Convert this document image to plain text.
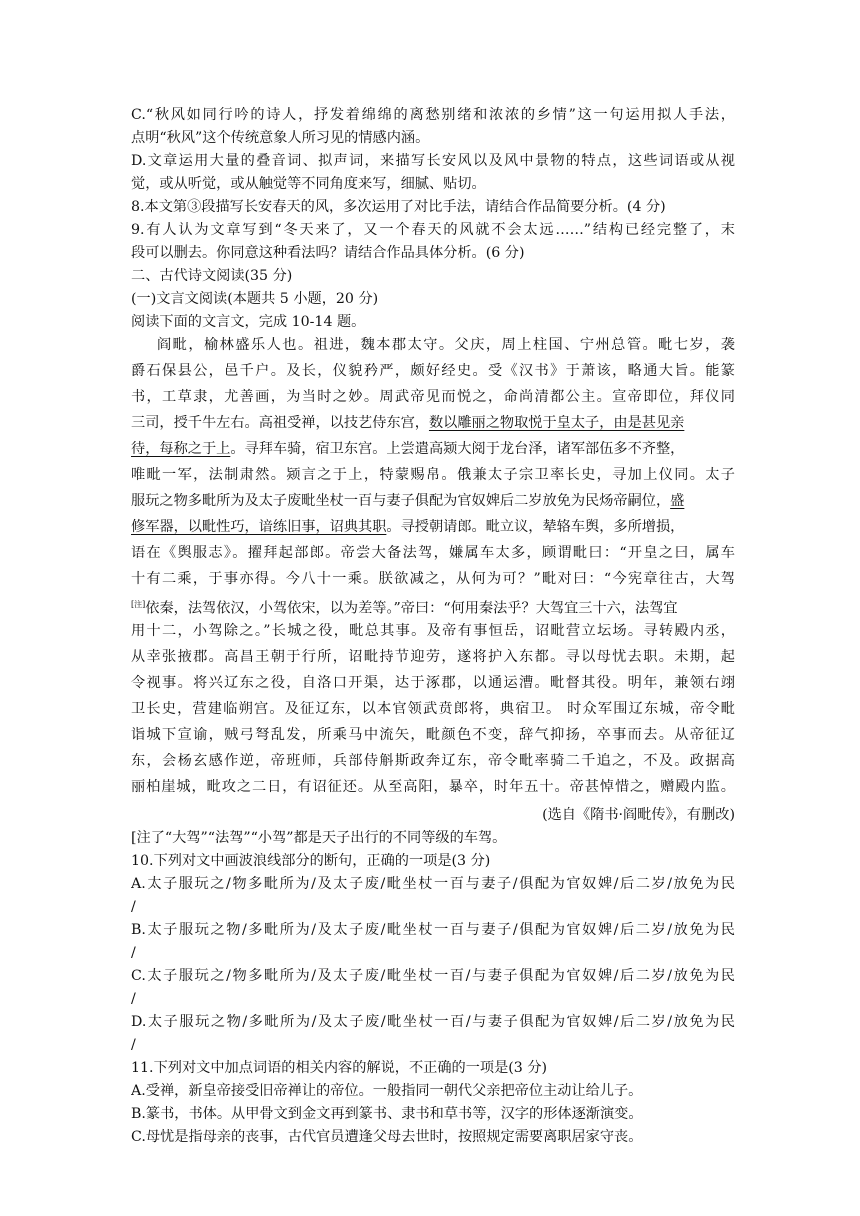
C.“秋风如同行吟的诗人，抒发着绵绵的离愁别绪和浓浓的乡情”这一句运用拟人手法，
点明“秋风”这个传统意象人所习见的情感内涵。
D.文章运用大量的叠音词、拟声词，来描写长安风以及风中景物的特点，这些词语或从视
觉，或从听觉，或从触觉等不同角度来写，细腻、贴切。
8.本文第③段描写长安春天的风，多次运用了对比手法，请结合作品简要分析。(4 分)
9.有人认为文章写到“冬天来了，又一个春天的风就不会太远……”结构已经完整了，末
段可以删去。你同意这种看法吗？请结合作品具体分析。(6 分)
二、古代诗文阅读(35 分)
(一)文言文阅读(本题共 5 小题，20 分)
阅读下面的文言文，完成 10-14 题。
阎毗，榆林盛乐人也。祖进，魏本郡太守。父庆，周上柱国、宁州总管。毗七岁，袭
爵石保县公，邑千户。及长，仪貌矜严，颇好经史。受《汉书》于萧该，略通大旨。能篆
书，工草隶，尤善画，为当时之妙。周武帝见而悦之，命尚清都公主。宣帝即位，拜仪同
三司，授千牛左右。高祖受禅，以技艺侍东宫，数以雕丽之物取悦于皇太子，由是甚见亲
待，每称之于上。寻拜车骑，宿卫东宫。上尝遣高颎大阅于龙台泽，诸军部伍多不齐整，
唯毗一军，法制肃然。颎言之于上，特蒙赐帛。俄兼太子宗卫率长史，寻加上仪同。太子
服玩之物多毗所为及太子废毗坐杖一百与妻子俱配为官奴婢后二岁放免为民炀帝嗣位，盛
修军器，以毗性巧，谙练旧事，诏典其职。寻授朝请郎。毗立议，辇辂车舆，多所增损，
语在《舆服志》。擢拜起部郎。帝尝大备法驾，嫌属车太多，顾谓毗曰：“开皇之曰，属车
十有二乘，于事亦得。今八十一乘。朕欲减之，从何为可？”毗对曰：“今宪章往古，大驾
[注]依秦，法驾依汉，小驾依宋，以为差等。”帝曰：“何用秦法乎？大驾宜三十六，法驾宜
用十二，小驾除之。”长城之役，毗总其事。及帝有事恒岳，诏毗营立坛场。寻转殿内丞，
从幸张掖郡。高昌王朝于行所，诏毗持节迎劳，遂将护入东都。寻以母忧去职。未期，起
令视事。将兴辽东之役，自洛口开渠，达于涿郡，以通运漕。毗督其役。明年，兼领右翊
卫长史，营建临朔宫。及征辽东，以本官领武贲郎将，典宿卫。 时众军围辽东城，帝令毗
诣城下宣谕，贼弓弩乱发，所乘马中流矢，毗颜色不变，辞气抑扬，卒事而去。从帝征辽
东，会杨玄感作逆，帝班师，兵部侍斛斯政奔辽东，帝令毗率骑二千追之，不及。政据高
丽柏崖城，毗攻之二日，有诏征还。从至高阳，暴卒，时年五十。帝甚悼惜之，赠殿内监。
(选自《隋书·阎毗传》，有删改)
[注了“大驾”“法驾”“小驾”都是天子出行的不同等级的车驾。
10.下列对文中画波浪线部分的断句，正确的一项是(3 分)
A.太子服玩之/物多毗所为/及太子废/毗坐杖一百与妻子/俱配为官奴婢/后二岁/放免为民
/
B.太子服玩之物/多毗所为/及太子废/毗坐杖一百与妻子/俱配为官奴婢/后二岁/放免为民
/
C.太子服玩之/物多毗所为/及太子废/毗坐杖一百/与妻子俱配为官奴婢/后二岁/放免为民
/
D.太子服玩之物/多毗所为/及太子废/毗坐杖一百/与妻子俱配为官奴婢/后二岁/放免为民
/
11.下列对文中加点词语的相关内容的解说，不正确的一项是(3 分)
A.受禅，新皇帝接受旧帝禅让的帝位。一般指同一朝代父亲把帝位主动让给儿子。
B.篆书，书体。从甲骨文到金文再到篆书、隶书和草书等，汉字的形体逐渐演变。
C.母忧是指母亲的丧事，古代官员遭逢父母去世时，按照规定需要离职居家守丧。
